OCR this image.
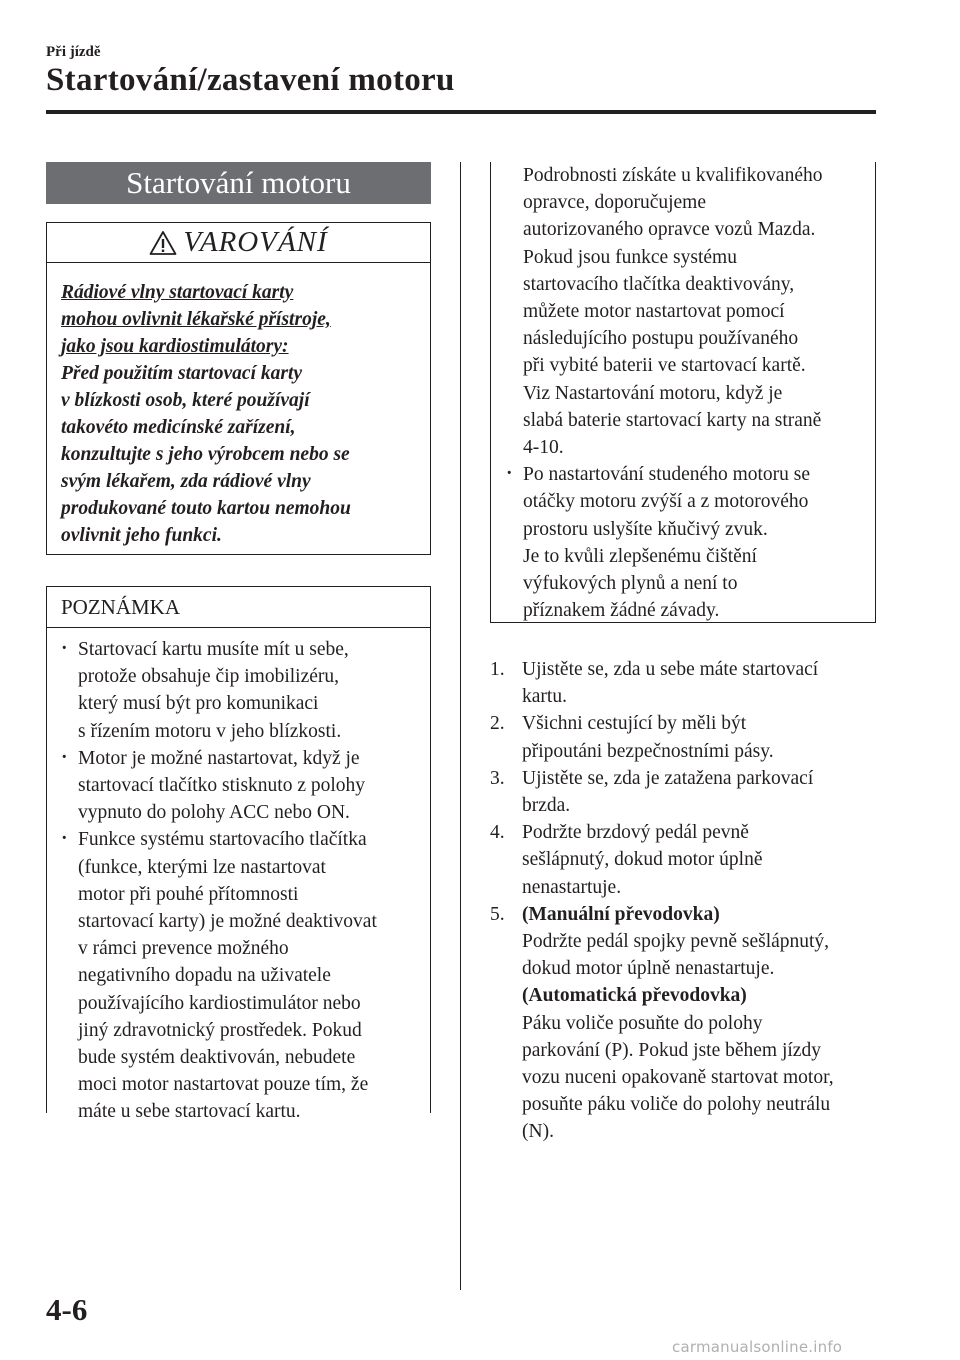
Při jízdě
Startování/zastavení motoru
Startování motoru
VAROVÁNÍ
Rádiové vlny startovací karty
mohou ovlivnit lékařské přístroje,
jako jsou kardiostimulátory:
Před použitím startovací karty
v blízkosti osob, které používají
takovéto medicínské zařízení,
konzultujte s jeho výrobcem nebo se
svým lékařem, zda rádiové vlny
produkované touto kartou nemohou
ovlivnit jeho funkci.
POZNÁMKA
· Startovací kartu musíte mít u sebe,
protože obsahuje čip imobilizéru,
který musí být pro komunikaci
s řízením motoru v jeho blízkosti.
· Motor je možné nastartovat, když je
startovací tlačítko stisknuto z polohy
vypnuto do polohy ACC nebo ON.
· Funkce systému startovacího tlačítka
(funkce, kterými lze nastartovat
motor při pouhé přítomnosti
startovací karty) je možné deaktivovat
v rámci prevence možného
negativního dopadu na uživatele
používajícího kardiostimulátor nebo
jiný zdravotnický prostředek. Pokud
bude systém deaktivován, nebudete
moci motor nastartovat pouze tím, že
máte u sebe startovací kartu.
Podrobnosti získáte u kvalifikovaného
opravce, doporučujeme
autorizovaného opravce vozů Mazda.
Pokud jsou funkce systému
startovacího tlačítka deaktivovány,
můžete motor nastartovat pomocí
následujícího postupu používaného
při vybité baterii ve startovací kartě.
Viz Nastartování motoru, když je
slabá baterie startovací karty na straně
4-10.
· Po nastartování studeného motoru se
otáčky motoru zvýší a z motorového
prostoru uslyšíte kňučivý zvuk.
Je to kvůli zlepšenému čištění
výfukových plynů a není to
příznakem žádné závady.
1. Ujistěte se, zda u sebe máte startovací
kartu.
2. Všichni cestující by měli být
připoutáni bezpečnostními pásy.
3. Ujistěte se, zda je zatažena parkovací
brzda.
4. Podržte brzdový pedál pevně
sešlápnutý, dokud motor úplně
nenastartuje.
5. (Manuální převodovka)
Podržte pedál spojky pevně sešlápnutý,
dokud motor úplně nenastartuje.
(Automatická převodovka)
Páku voliče posuňte do polohy
parkování (P). Pokud jste během jízdy
vozu nuceni opakovaně startovat motor,
posuňte páku voliče do polohy neutrálu
(N).
4-6
carmanualsonline.info
